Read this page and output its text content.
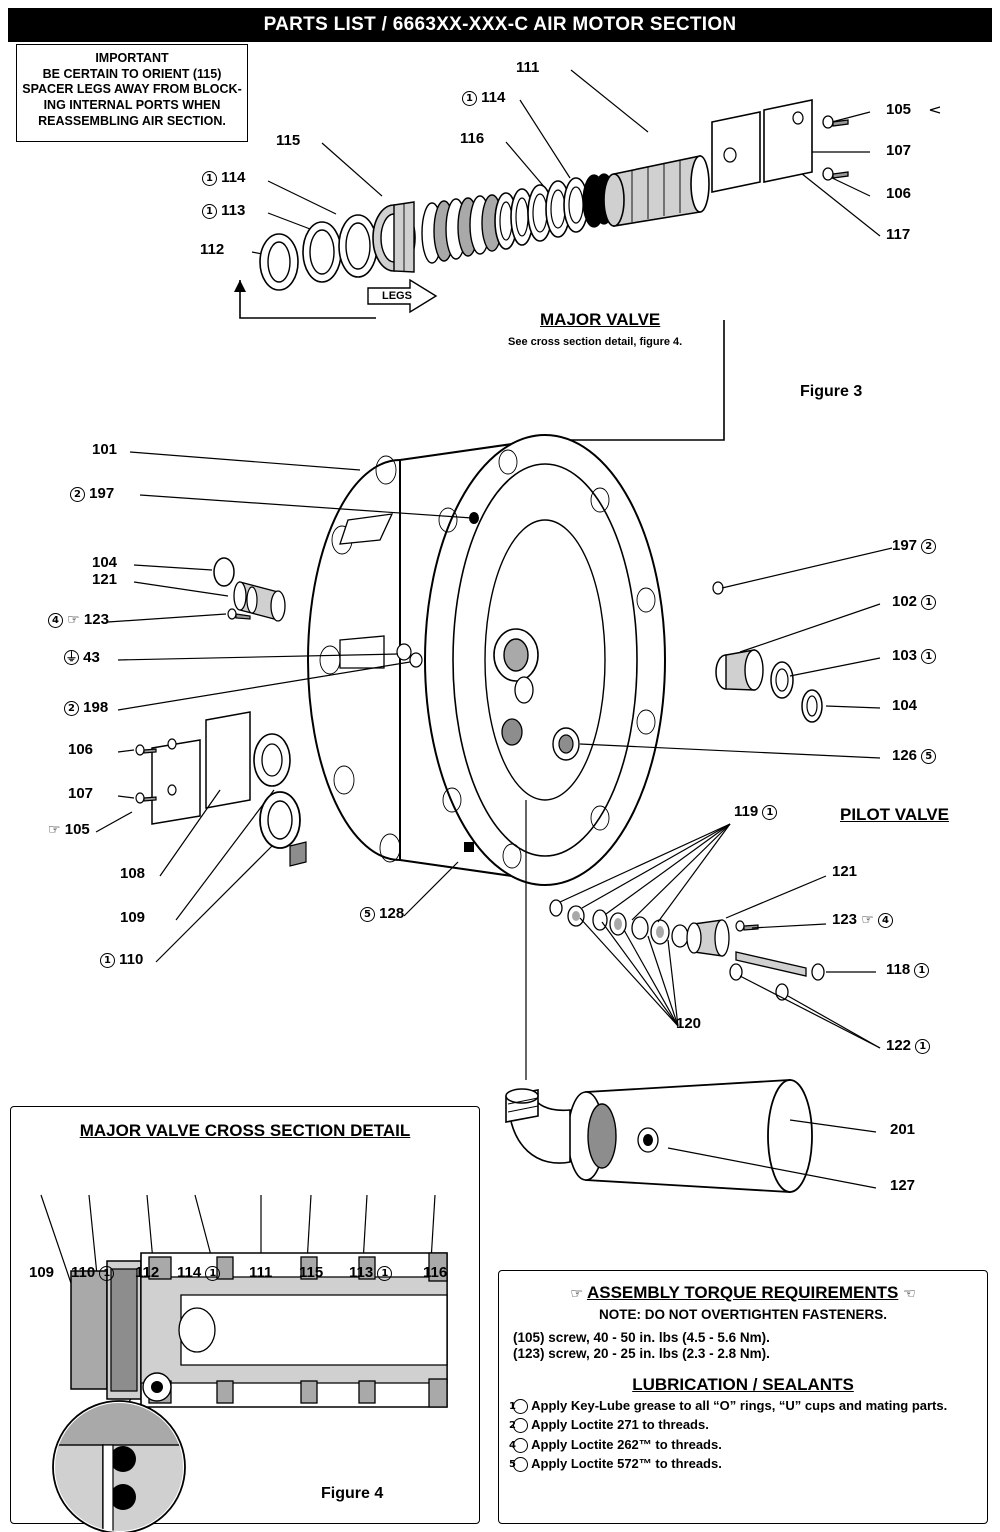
PARTS LIST / 6663XX-XXX-C AIR MOTOR SECTION
IMPORTANT
BE CERTAIN TO ORIENT (115)
SPACER LEGS AWAY FROM BLOCK-
ING INTERNAL PORTS WHEN
REASSEMBLING AIR SECTION.
111
1 114
116
115
1 114
1 113
112
105
107
106
117
LEGS
MAJOR VALVE
See cross section detail, figure 4.
Figure 3
101
2 197
104
121
4 ☞ 123
⏚ 43
2 198
106
107
☞ 105
108
109
1 110
5 128
197 2
102 1
103 1
104
126 5
119 1	PILOT VALVE
121
123 ☞ 4
118 1
120
122 1
201
127
MAJOR VALVE CROSS SECTION DETAIL
109 110 1 112 114 1 111 115 113 1 116
Figure 4
☞ ASSEMBLY TORQUE REQUIREMENTS ☜
NOTE: DO NOT OVERTIGHTEN FASTENERS.
(105) screw, 40 - 50 in. lbs (4.5 - 5.6 Nm).
(123) screw, 20 - 25 in. lbs (2.3 - 2.8 Nm).
LUBRICATION / SEALANTS
1 Apply Key-Lube grease to all “O” rings, “U” cups and mating parts.
2 Apply Loctite 271 to threads.
4 Apply Loctite 262™ to threads.
5 Apply Loctite 572™ to threads.
